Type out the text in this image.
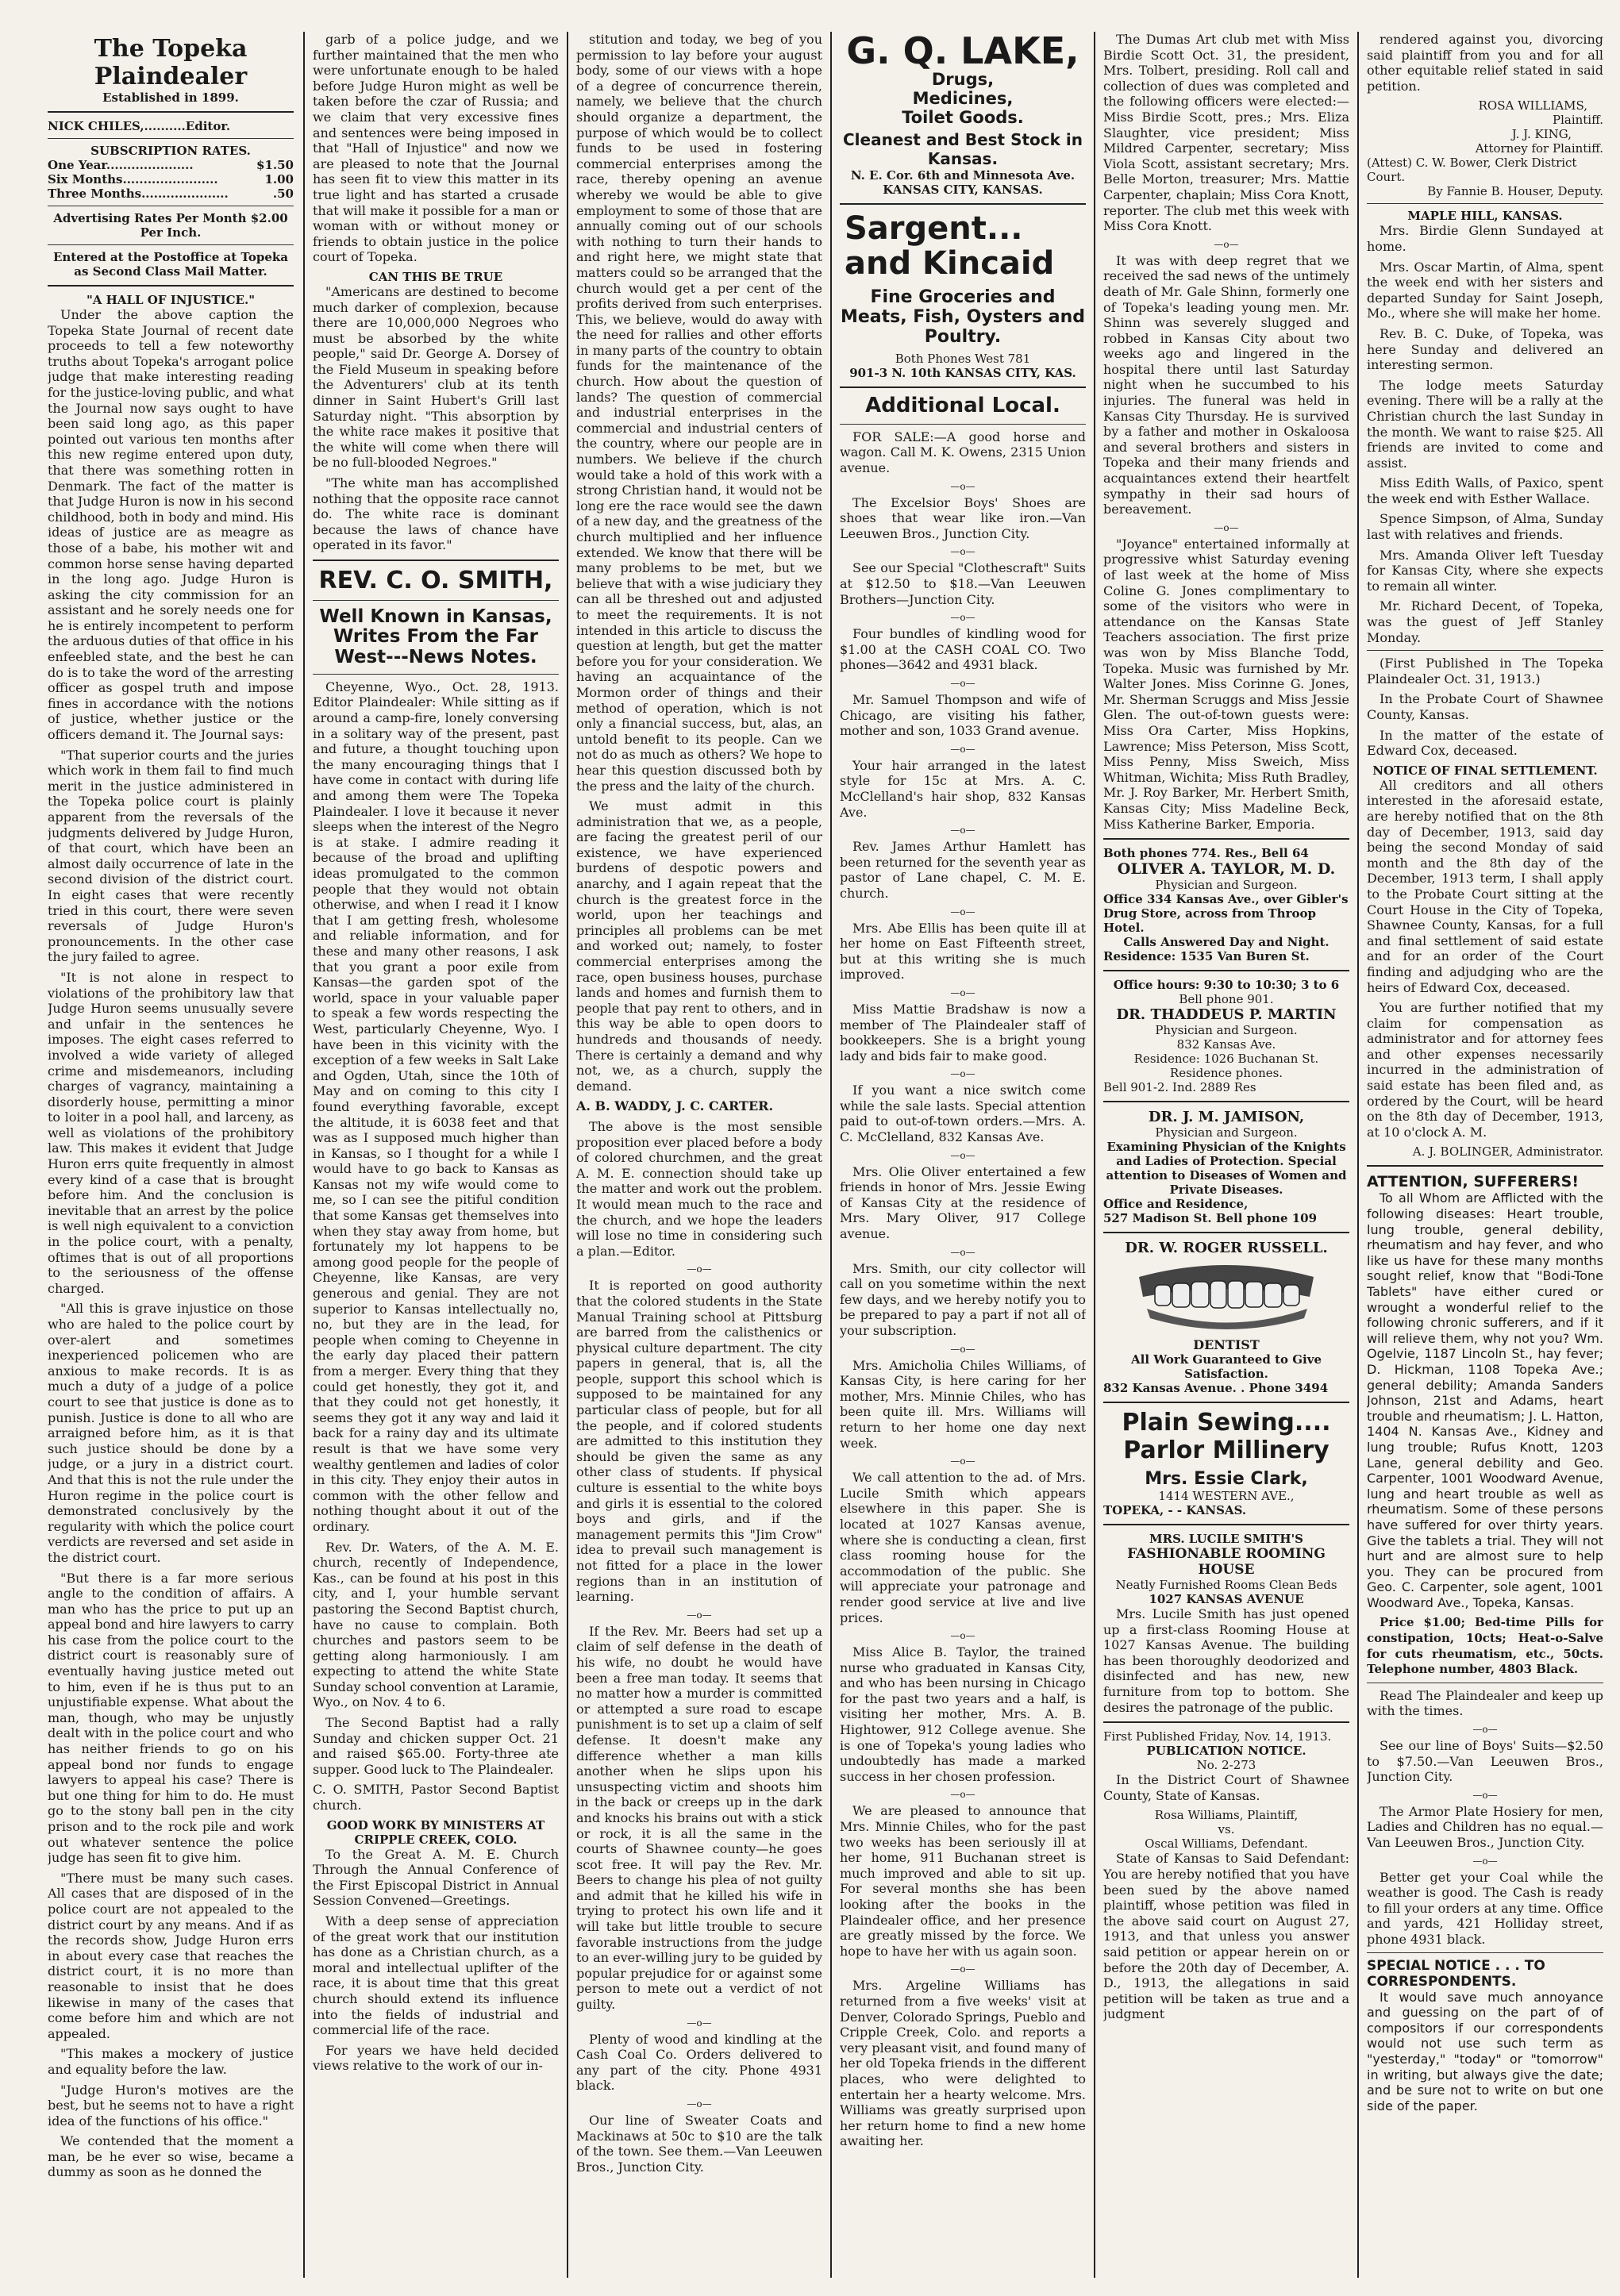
The Topeka Plaindealer
Established in 1899.
NICK CHILES,..........Editor.
SUBSCRIPTION RATES.
One Year.....................	$1.50
Six Months.......................	1.00
Three Months.....................	.50
Advertising Rates Per Month $2.00 Per Inch.
Entered at the Postoffice at Topeka as Second Class Mail Matter.
"A HALL OF INJUSTICE."

Under the above caption the Topeka State Journal of recent date proceeds to tell a few noteworthy truths about Topeka's arrogant police judge that make interesting reading for the justice-loving public, and what the Journal now says ought to have been said long ago, as this paper pointed out various ten months after this new regime entered upon duty, that there was something rotten in Denmark. The fact of the matter is that Judge Huron is now in his second childhood, both in body and mind. His ideas of justice are as meagre as those of a babe, his mother wit and common horse sense having departed in the long ago. Judge Huron is asking the city commission for an assistant and he sorely needs one for he is entirely incompetent to perform the arduous duties of that office in his enfeebled state, and the best he can do is to take the word of the arresting officer as gospel truth and impose fines in accordance with the notions of justice, whether justice or the officers demand it. The Journal says:

"That superior courts and the juries which work in them fail to find much merit in the justice administered in the Topeka police court is plainly apparent from the reversals of the judgments delivered by Judge Huron, of that court, which have been an almost daily occurrence of late in the second division of the district court. In eight cases that were recently tried in this court, there were seven reversals of Judge Huron's pronouncements. In the other case the jury failed to agree.

"It is not alone in respect to violations of the prohibitory law that Judge Huron seems unusually severe and unfair in the sentences he imposes. The eight cases referred to involved a wide variety of alleged crime and misdemeanors, including charges of vagrancy, maintaining a disorderly house, permitting a minor to loiter in a pool hall, and larceny, as well as violations of the prohibitory law. This makes it evident that Judge Huron errs quite frequently in almost every kind of a case that is brought before him. And the conclusion is inevitable that an arrest by the police is well nigh equivalent to a conviction in the police court, with a penalty, oftimes that is out of all proportions to the seriousness of the offense charged.

"All this is grave injustice on those who are haled to the police court by over-alert and sometimes inexperienced policemen who are anxious to make records. It is as much a duty of a judge of a police court to see that justice is done as to punish. Justice is done to all who are arraigned before him, as it is that such justice should be done by a judge, or a jury in a district court. And that this is not the rule under the Huron regime in the police court is demonstrated conclusively by the regularity with which the police court verdicts are reversed and set aside in the district court.

"But there is a far more serious angle to the condition of affairs. A man who has the price to put up an appeal bond and hire lawyers to carry his case from the police court to the district court is reasonably sure of eventually having justice meted out to him, even if he is thus put to an unjustifiable expense. What about the man, though, who may be unjustly dealt with in the police court and who has neither friends to go on his appeal bond nor funds to engage lawyers to appeal his case? There is but one thing for him to do. He must go to the stony ball pen in the city prison and to the rock pile and work out whatever sentence the police judge has seen fit to give him.

"There must be many such cases. All cases that are disposed of in the police court are not appealed to the district court by any means. And if as the records show, Judge Huron errs in about every case that reaches the district court, it is no more than reasonable to insist that he does likewise in many of the cases that come before him and which are not appealed.

"This makes a mockery of justice and equality before the law.

"Judge Huron's motives are the best, but he seems not to have a right idea of the functions of his office."

We contended that the moment a man, be he ever so wise, became a dummy as soon as he donned the

garb of a police judge, and we further maintained that the men who were unfortunate enough to be haled before Judge Huron might as well be taken before the czar of Russia; and we claim that very excessive fines and sentences were being imposed in that "Hall of Injustice" and now we are pleased to note that the Journal has seen fit to view this matter in its true light and has started a crusade that will make it possible for a man or woman with or without money or friends to obtain justice in the police court of Topeka.

CAN THIS BE TRUE

"Americans are destined to become much darker of complexion, because there are 10,000,000 Negroes who must be absorbed by the white people," said Dr. George A. Dorsey of the Field Museum in speaking before the Adventurers' club at its tenth dinner in Saint Hubert's Grill last Saturday night. "This absorption by the white race makes it positive that the white will come when there will be no full-blooded Negroes."

"The white man has accomplished nothing that the opposite race cannot do. The white race is dominant because the laws of chance have operated in its favor."

REV. C. O. SMITH,
Well Known in Kansas, Writes From the Far West---News Notes.

Cheyenne, Wyo., Oct. 28, 1913. Editor Plaindealer: While sitting as if around a camp-fire, lonely conversing in a solitary way of the present, past and future, a thought touching upon the many encouraging things that I have come in contact with during life and among them were The Topeka Plaindealer. I love it because it never sleeps when the interest of the Negro is at stake. I admire reading it because of the broad and uplifting ideas promulgated to the common people that they would not obtain otherwise, and when I read it I know that I am getting fresh, wholesome and reliable information, and for these and many other reasons, I ask that you grant a poor exile from Kansas—the garden spot of the world, space in your valuable paper to speak a few words respecting the West, particularly Cheyenne, Wyo. I have been in this vicinity with the exception of a few weeks in Salt Lake and Ogden, Utah, since the 10th of May and on coming to this city I found everything favorable, except the altitude, it is 6038 feet and that was as I supposed much higher than in Kansas, so I thought for a while I would have to go back to Kansas as Kansas not my wife would come to me, so I can see the pitiful condition that some Kansas get themselves into when they stay away from home, but fortunately my lot happens to be among good people for the people of Cheyenne, like Kansas, are very generous and genial. They are not superior to Kansas intellectually no, no, but they are in the lead, for people when coming to Cheyenne in the early day placed their pattern from a merger. Every thing that they could get honestly, they got it, and that they could not get honestly, it seems they got it any way and laid it back for a rainy day and its ultimate result is that we have some very wealthy gentlemen and ladies of color in this city. They enjoy their autos in common with the other fellow and nothing thought about it out of the ordinary.

Rev. Dr. Waters, of the A. M. E. church, recently of Independence, Kas., can be found at his post in this city, and I, your humble servant pastoring the Second Baptist church, have no cause to complain. Both churches and pastors seem to be getting along harmoniously. I am expecting to attend the white State Sunday school convention at Laramie, Wyo., on Nov. 4 to 6.

The Second Baptist had a rally Sunday and chicken supper Oct. 21 and raised $65.00. Forty-three ate supper. Good luck to The Plaindealer.

C. O. SMITH, Pastor Second Baptist church.

GOOD WORK BY MINISTERS AT CRIPPLE CREEK, COLO.

To the Great A. M. E. Church Through the Annual Conference of the First Episcopal District in Annual Session Convened—Greetings.

With a deep sense of appreciation of the great work that our institution has done as a Christian church, as a moral and intellectual uplifter of the race, it is about time that this great church should extend its influence into the fields of industrial and commercial life of the race.

For years we have held decided views relative to the work of our in-

stitution and today, we beg of you permission to lay before your august body, some of our views with a hope of a degree of concurrence therein, namely, we believe that the church should organize a department, the purpose of which would be to collect funds to be used in fostering commercial enterprises among the race, thereby opening an avenue whereby we would be able to give employment to some of those that are annually coming out of our schools with nothing to turn their hands to and right here, we might state that matters could so be arranged that the church would get a per cent of the profits derived from such enterprises. This, we believe, would do away with the need for rallies and other efforts in many parts of the country to obtain funds for the maintenance of the church. How about the question of lands? The question of commercial and industrial enterprises in the commercial and industrial centers of the country, where our people are in numbers. We believe if the church would take a hold of this work with a strong Christian hand, it would not be long ere the race would see the dawn of a new day, and the greatness of the church multiplied and her influence extended. We know that there will be many problems to be met, but we believe that with a wise judiciary they can all be threshed out and adjusted to meet the requirements. It is not intended in this article to discuss the question at length, but get the matter before you for your consideration. We having an acquaintance of the Mormon order of things and their method of operation, which is not only a financial success, but, alas, an untold benefit to its people. Can we not do as much as others? We hope to hear this question discussed both by the press and the laity of the church.

We must admit in this administration that we, as a people, are facing the greatest peril of our existence, we have experienced burdens of despotic powers and anarchy, and I again repeat that the church is the greatest force in the world, upon her teachings and principles all problems can be met and worked out; namely, to foster commercial enterprises among the race, open business houses, purchase lands and homes and furnish them to people that pay rent to others, and in this way be able to open doors to hundreds and thousands of needy. There is certainly a demand and why not, we, as a church, supply the demand.

A. B. WADDY, J. C. CARTER.

The above is the most sensible proposition ever placed before a body of colored churchmen, and the great A. M. E. connection should take up the matter and work out the problem. It would mean much to the race and the church, and we hope the leaders will lose no time in considering such a plan.—Editor.

—o—

It is reported on good authority that the colored students in the State Manual Training school at Pittsburg are barred from the calisthenics or physical culture department. The city papers in general, that is, all the people, support this school which is supposed to be maintained for any particular class of people, but for all the people, and if colored students are admitted to this institution they should be given the same as any other class of students. If physical culture is essential to the white boys and girls it is essential to the colored boys and girls, and if the management permits this "Jim Crow" idea to prevail such management is not fitted for a place in the lower regions than in an institution of learning.

—o—

If the Rev. Mr. Beers had set up a claim of self defense in the death of his wife, no doubt he would have been a free man today. It seems that no matter how a murder is committed or attempted a sure road to escape punishment is to set up a claim of self defense. It doesn't make any difference whether a man kills another when he slips upon his unsuspecting victim and shoots him in the back or creeps up in the dark and knocks his brains out with a stick or rock, it is all the same in the courts of Shawnee county—he goes scot free. It will pay the Rev. Mr. Beers to change his plea of not guilty and admit that he killed his wife in trying to protect his own life and it will take but little trouble to secure favorable instructions from the judge to an ever-willing jury to be guided by popular prejudice for or against some person to mete out a verdict of not guilty.

—o—

Plenty of wood and kindling at the Cash Coal Co. Orders delivered to any part of the city. Phone 4931 black.

—o—

Our line of Sweater Coats and Mackinaws at 50c to $10 are the talk of the town. See them.—Van Leeuwen Bros., Junction City.

G. Q. LAKE,
Drugs,
Medicines,
Toilet Goods.
Cleanest and Best Stock in Kansas.
N. E. Cor. 6th and Minnesota Ave. KANSAS CITY, KANSAS.
Sargent... and Kincaid
Fine Groceries and Meats, Fish, Oysters and Poultry.
Both Phones West 781
901-3 N. 10th KANSAS CITY, KAS.
Additional Local.

FOR SALE:—A good horse and wagon. Call M. K. Owens, 2315 Union avenue.

—o—

The Excelsior Boys' Shoes are shoes that wear like iron.—Van Leeuwen Bros., Junction City.

—o—

See our Special "Clothescraft" Suits at $12.50 to $18.—Van Leeuwen Brothers—Junction City.

—o—

Four bundles of kindling wood for $1.00 at the CASH COAL CO. Two phones—3642 and 4931 black.

—o—

Mr. Samuel Thompson and wife of Chicago, are visiting his father, mother and son, 1033 Grand avenue.

—o—

Your hair arranged in the latest style for 15c at Mrs. A. C. McClelland's hair shop, 832 Kansas Ave.

—o—

Rev. James Arthur Hamlett has been returned for the seventh year as pastor of Lane chapel, C. M. E. church.

—o—

Mrs. Abe Ellis has been quite ill at her home on East Fifteenth street, but at this writing she is much improved.

—o—

Miss Mattie Bradshaw is now a member of The Plaindealer staff of bookkeepers. She is a bright young lady and bids fair to make good.

—o—

If you want a nice switch come while the sale lasts. Special attention paid to out-of-town orders.—Mrs. A. C. McClelland, 832 Kansas Ave.

—o—

Mrs. Olie Oliver entertained a few friends in honor of Mrs. Jessie Ewing of Kansas City at the residence of Mrs. Mary Oliver, 917 College avenue.

—o—

Mrs. Smith, our city collector will call on you sometime within the next few days, and we hereby notify you to be prepared to pay a part if not all of your subscription.

—o—

Mrs. Amicholia Chiles Williams, of Kansas City, is here caring for her mother, Mrs. Minnie Chiles, who has been quite ill. Mrs. Williams will return to her home one day next week.

—o—

We call attention to the ad. of Mrs. Lucile Smith which appears elsewhere in this paper. She is located at 1027 Kansas avenue, where she is conducting a clean, first class rooming house for the accommodation of the public. She will appreciate your patronage and render good service at live and live prices.

—o—

Miss Alice B. Taylor, the trained nurse who graduated in Kansas City, and who has been nursing in Chicago for the past two years and a half, is visiting her mother, Mrs. A. B. Hightower, 912 College avenue. She is one of Topeka's young ladies who undoubtedly has made a marked success in her chosen profession.

—o—

We are pleased to announce that Mrs. Minnie Chiles, who for the past two weeks has been seriously ill at her home, 911 Buchanan street is much improved and able to sit up. For several months she has been looking after the books in the Plaindealer office, and her presence are greatly missed by the force. We hope to have her with us again soon.

—o—

Mrs. Argeline Williams has returned from a five weeks' visit at Denver, Colorado Springs, Pueblo and Cripple Creek, Colo. and reports a very pleasant visit, and found many of her old Topeka friends in the different places, who were delighted to entertain her a hearty welcome. Mrs. Williams was greatly surprised upon her return home to find a new home awaiting her.

The Dumas Art club met with Miss Birdie Scott Oct. 31, the president, Mrs. Tolbert, presiding. Roll call and collection of dues was completed and the following officers were elected:—Miss Birdie Scott, pres.; Mrs. Eliza Slaughter, vice president; Miss Mildred Carpenter, secretary; Miss Viola Scott, assistant secretary; Mrs. Belle Morton, treasurer; Mrs. Mattie Carpenter, chaplain; Miss Cora Knott, reporter. The club met this week with Miss Cora Knott.

—o—

It was with deep regret that we received the sad news of the untimely death of Mr. Gale Shinn, formerly one of Topeka's leading young men. Mr. Shinn was severely slugged and robbed in Kansas City about two weeks ago and lingered in the hospital there until last Saturday night when he succumbed to his injuries. The funeral was held in Kansas City Thursday. He is survived by a father and mother in Oskaloosa and several brothers and sisters in Topeka and their many friends and acquaintances extend their heartfelt sympathy in their sad hours of bereavement.

—o—

"Joyance" entertained informally at progressive whist Saturday evening of last week at the home of Miss Coline G. Jones complimentary to some of the visitors who were in attendance on the Kansas State Teachers association. The first prize was won by Miss Blanche Todd, Topeka. Music was furnished by Mr. Walter Jones. Miss Corinne G. Jones, Mr. Sherman Scruggs and Miss Jessie Glen. The out-of-town guests were: Miss Ora Carter, Miss Hopkins, Lawrence; Miss Peterson, Miss Scott, Miss Penny, Miss Sweich, Miss Whitman, Wichita; Miss Ruth Bradley, Mr. J. Roy Barker, Mr. Herbert Smith, Kansas City; Miss Madeline Beck, Miss Katherine Barker, Emporia.

Both phones 774. Res., Bell 64
OLIVER A. TAYLOR, M. D.
Physician and Surgeon.
Office 334 Kansas Ave., over Gibler's Drug Store, across from Throop Hotel.
Calls Answered Day and Night.
Residence: 1535 Van Buren St.
Office hours: 9:30 to 10:30; 3 to 6
Bell phone 901.
DR. THADDEUS P. MARTIN
Physician and Surgeon.
832 Kansas Ave.
Residence: 1026 Buchanan St.
Residence phones.
Bell 901-2. Ind. 2889 Res
DR. J. M. JAMISON,
Physician and Surgeon.
Examining Physician of the Knights and Ladies of Protection. Special attention to Diseases of Women and Private Diseases.
Office and Residence,
527 Madison St. Bell phone 109
DR. W. ROGER RUSSELL.
DENTIST
All Work Guaranteed to Give Satisfaction.
832 Kansas Avenue. . Phone 3494
Plain Sewing.... Parlor Millinery
Mrs. Essie Clark,
1414 WESTERN AVE.,
TOPEKA, - - KANSAS.
MRS. LUCILE SMITH'S
FASHIONABLE ROOMING HOUSE
Neatly Furnished Rooms Clean Beds
1027 KANSAS AVENUE

Mrs. Lucile Smith has just opened up a first-class Rooming House at 1027 Kansas Avenue. The building has been thoroughly deodorized and disinfected and has new, new furniture from top to bottom. She desires the patronage of the public.

First Published Friday, Nov. 14, 1913.
PUBLICATION NOTICE.
No. 2-273

In the District Court of Shawnee County, State of Kansas.

Rosa Williams, Plaintiff,
vs.
Oscal Williams, Defendant.

State of Kansas to Said Defendant: You are hereby notified that you have been sued by the above named plaintiff, whose petition was filed in the above said court on August 27, 1913, and that unless you answer said petition or appear herein on or before the 20th day of December, A. D., 1913, the allegations in said petition will be taken as true and a judgment

rendered against you, divorcing said plaintiff from you and for all other equitable relief stated in said petition.

ROSA WILLIAMS,
Plaintiff.
J. J. KING,
Attorney for Plaintiff.
(Attest) C. W. Bower, Clerk District Court.
By Fannie B. Houser, Deputy.
MAPLE HILL, KANSAS.

Mrs. Birdie Glenn Sundayed at home.

Mrs. Oscar Martin, of Alma, spent the week end with her sisters and departed Sunday for Saint Joseph, Mo., where she will make her home.

Rev. B. C. Duke, of Topeka, was here Sunday and delivered an interesting sermon.

The lodge meets Saturday evening. There will be a rally at the Christian church the last Sunday in the month. We want to raise $25. All friends are invited to come and assist.

Miss Edith Walls, of Paxico, spent the week end with Esther Wallace.

Spence Simpson, of Alma, Sunday last with relatives and friends.

Mrs. Amanda Oliver left Tuesday for Kansas City, where she expects to remain all winter.

Mr. Richard Decent, of Topeka, was the guest of Jeff Stanley Monday.

(First Published in The Topeka Plaindealer Oct. 31, 1913.)

In the Probate Court of Shawnee County, Kansas.

In the matter of the estate of Edward Cox, deceased.

NOTICE OF FINAL SETTLEMENT.

All creditors and all others interested in the aforesaid estate, are hereby notified that on the 8th day of December, 1913, said day being the second Monday of said month and the 8th day of the December, 1913 term, I shall apply to the Probate Court sitting at the Court House in the City of Topeka, Shawnee County, Kansas, for a full and final settlement of said estate and for an order of the Court finding and adjudging who are the heirs of Edward Cox, deceased.

You are further notified that my claim for compensation as administrator and for attorney fees and other expenses necessarily incurred in the administration of said estate has been filed and, as ordered by the Court, will be heard on the 8th day of December, 1913, at 10 o'clock A. M.

A. J. BOLINGER, Administrator.
ATTENTION, SUFFERERS!

To all Whom are Afflicted with the following diseases: Heart trouble, lung trouble, general debility, rheumatism and hay fever, and who like us have for these many months sought relief, know that "Bodi-Tone Tablets" have either cured or wrought a wonderful relief to the following chronic sufferers, and if it will relieve them, why not you? Wm. Ogelvie, 1187 Lincoln St., hay fever; D. Hickman, 1108 Topeka Ave.; general debility; Amanda Sanders Johnson, 21st and Adams, heart trouble and rheumatism; J. L. Hatton, 1404 N. Kansas Ave., Kidney and lung trouble; Rufus Knott, 1203 Lane, general debility and Geo. Carpenter, 1001 Woodward Avenue, lung and heart trouble as well as rheumatism. Some of these persons have suffered for over thirty years. Give the tablets a trial. They will not hurt and are almost sure to help you. They can be procured from Geo. C. Carpenter, sole agent, 1001 Woodward Ave., Topeka, Kansas.

Price $1.00; Bed-time Pills for constipation, 10cts; Heat-o-Salve for cuts rheumatism, etc., 50cts. Telephone number, 4803 Black.

Read The Plaindealer and keep up with the times.

—o—

See our line of Boys' Suits—$2.50 to $7.50.—Van Leeuwen Bros., Junction City.

—o—

The Armor Plate Hosiery for men, Ladies and Children has no equal.—Van Leeuwen Bros., Junction City.

—o—

Better get your Coal while the weather is good. The Cash is ready to fill your orders at any time. Office and yards, 421 Holliday street, phone 4931 black.

SPECIAL NOTICE . . . TO CORRESPONDENTS.

It would save much annoyance and guessing on the part of of compositors if our correspondents would not use such term as "yesterday," "today" or "tomorrow" in writing, but always give the date; and be sure not to write on but one side of the paper.
